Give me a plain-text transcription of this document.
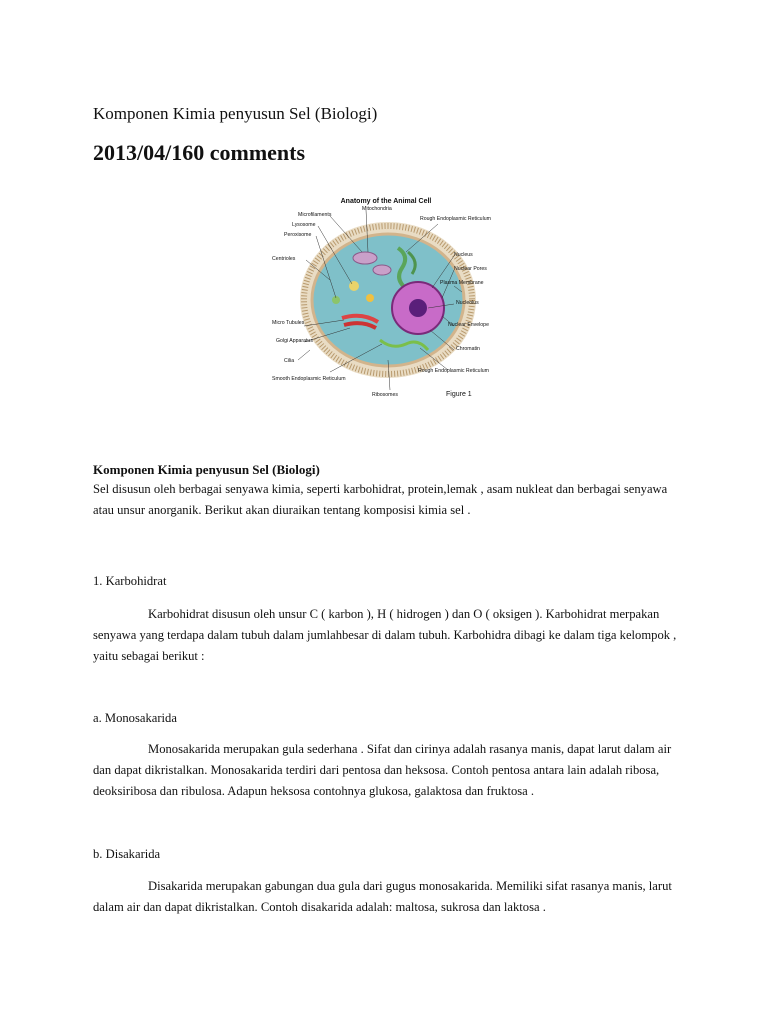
Komponen Kimia penyusun Sel (Biologi)
2013/04/160 comments
Anatomy of the Animal Cell
Microfilaments
Mitochondria
Lysosome
Peroxisome
Centrioles
Micro Tubules
Golgi Apparatus
Cilia
Smooth Endoplasmic Reticulum
Rough Endoplasmic Reticulum
Nucleus
Nuclear Pores
Plasma Membrane
Nucleolus
Nuclear Envelope
Chromatin
Rough Endoplasmic Reticulum
Ribosomes	Figure 1

Komponen Kimia penyusun Sel (Biologi)

Sel disusun oleh berbagai senyawa kimia, seperti karbohidrat, protein,lemak , asam nukleat dan berbagai senyawa atau unsur anorganik. Berikut akan diuraikan tentang komposisi kimia sel .

1. Karbohidrat

Karbohidrat disusun oleh unsur C ( karbon ), H ( hidrogen ) dan O ( oksigen ). Karbohidrat merpakan senyawa yang terdapa dalam tubuh dalam jumlahbesar di dalam tubuh. Karbohidra dibagi ke dalam tiga kelompok , yaitu sebagai berikut :

a. Monosakarida

Monosakarida merupakan gula sederhana . Sifat dan cirinya adalah rasanya manis, dapat larut dalam air dan dapat dikristalkan. Monosakarida terdiri dari pentosa dan heksosa. Contoh pentosa antara lain adalah ribosa, deoksiribosa dan ribulosa. Adapun heksosa contohnya glukosa, galaktosa dan fruktosa .

b. Disakarida

Disakarida merupakan gabungan dua gula dari gugus monosakarida. Memiliki sifat rasanya manis, larut dalam air dan dapat dikristalkan. Contoh disakarida adalah: maltosa, sukrosa dan laktosa .
